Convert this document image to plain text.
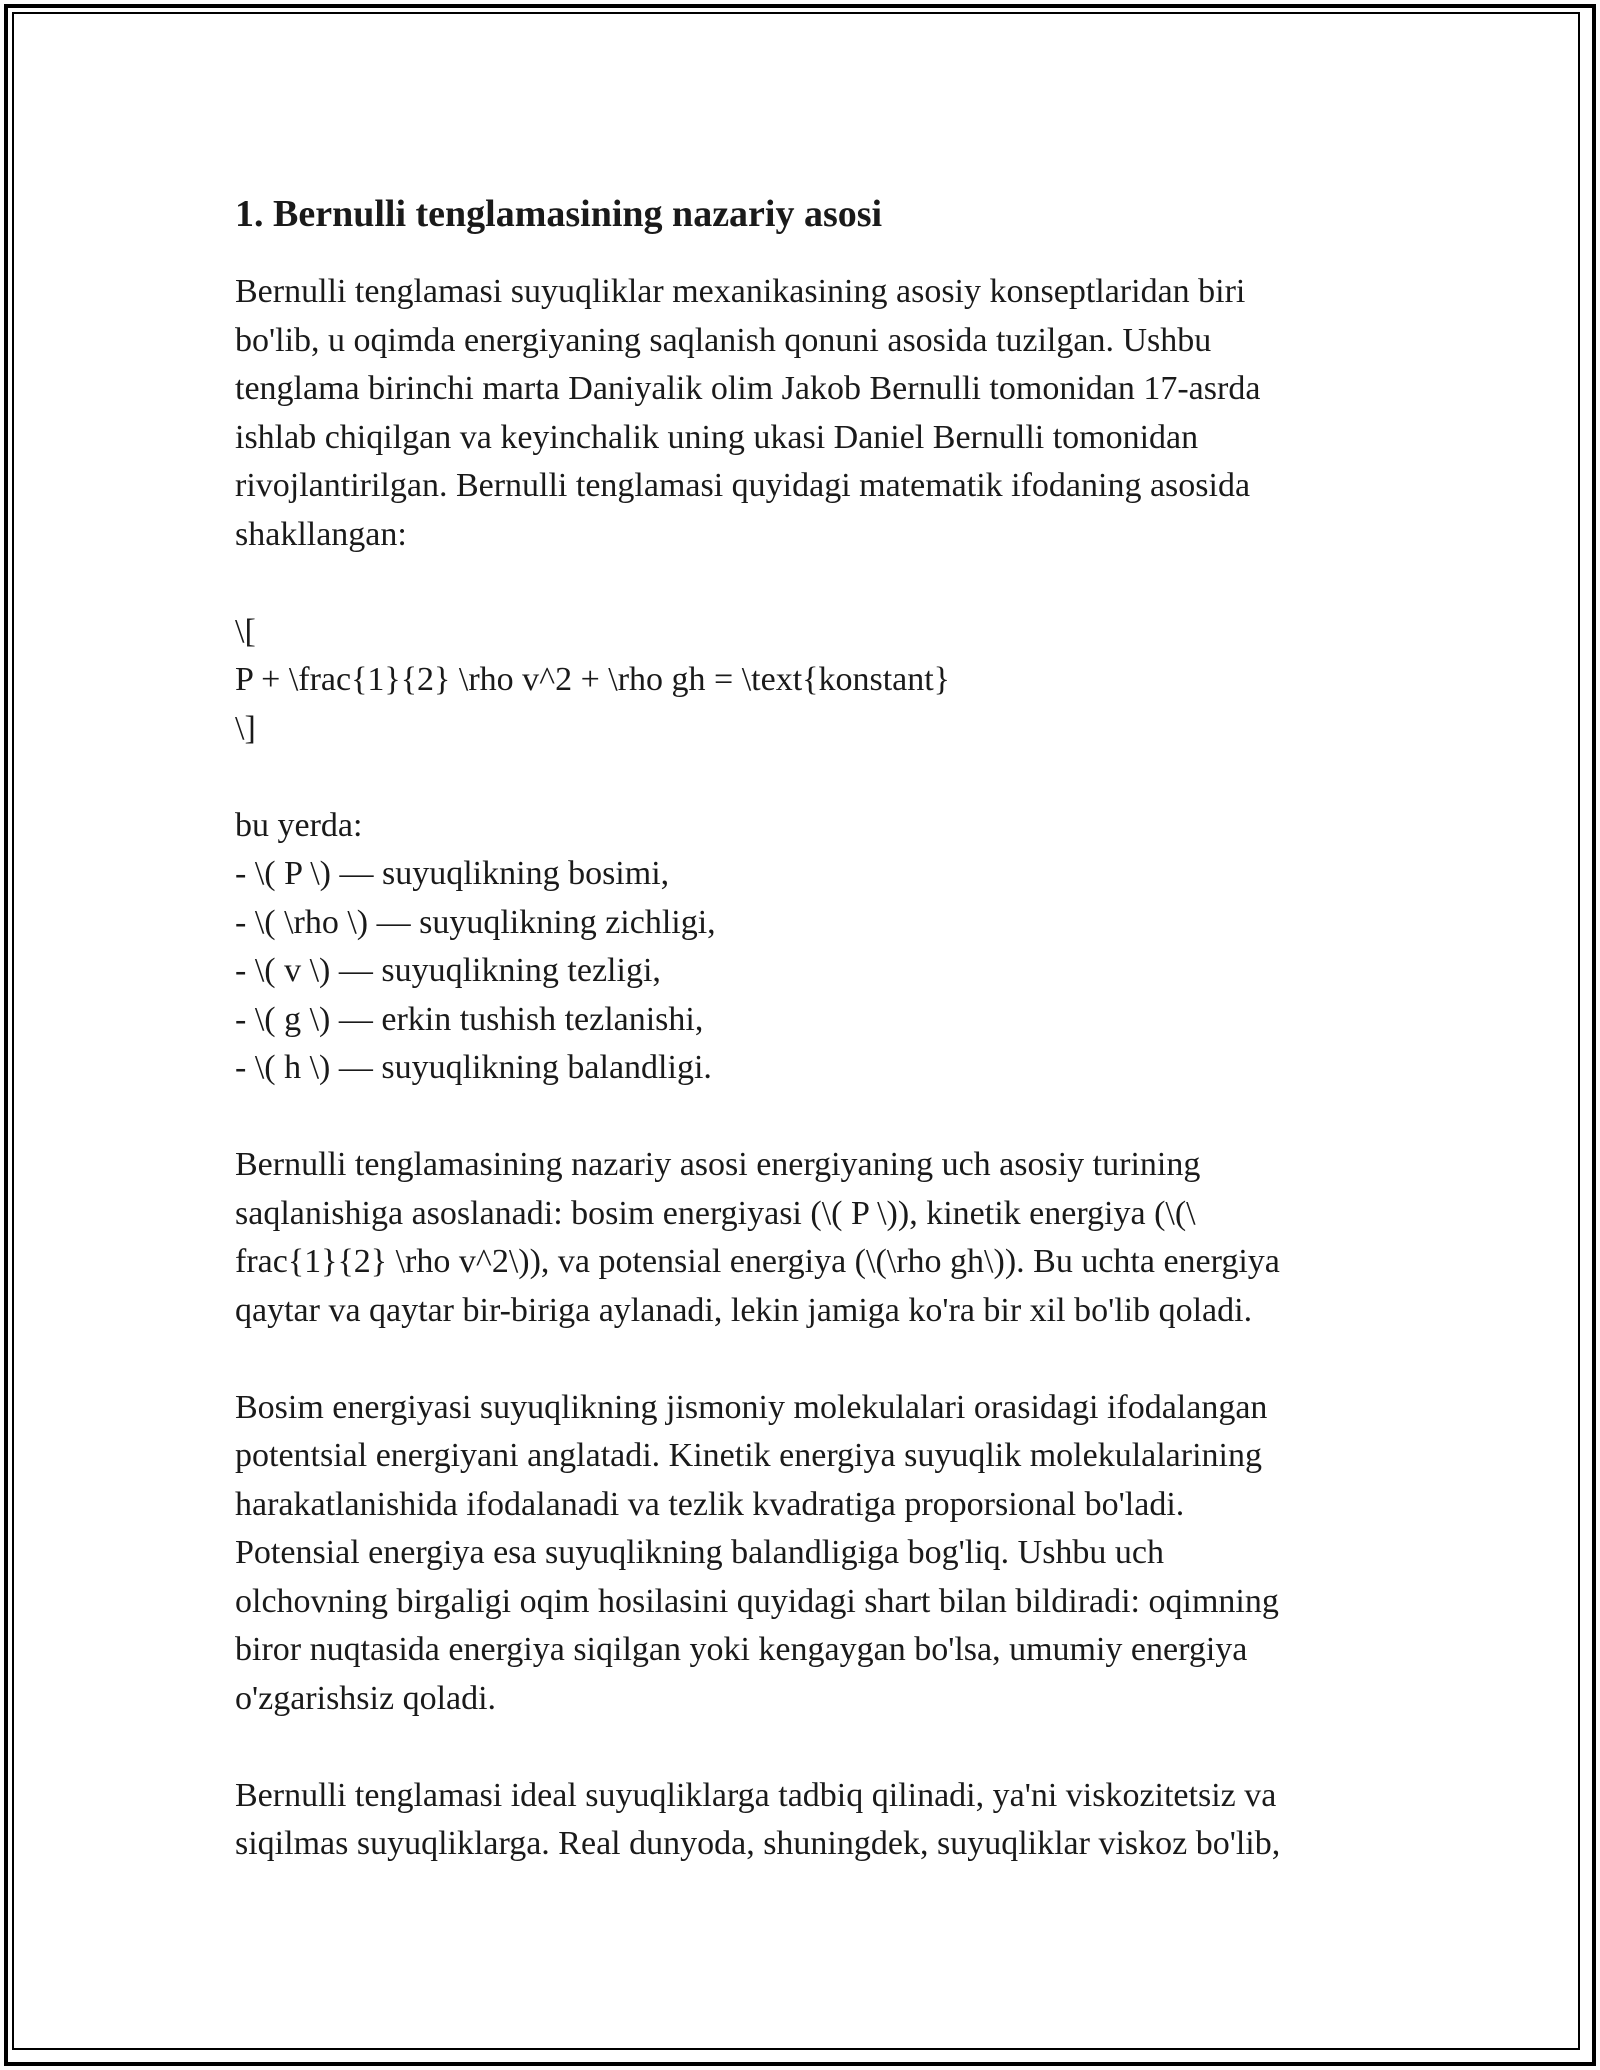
1. Bernulli tenglamasining nazariy asosi

Bernulli tenglamasi suyuqliklar mexanikasining asosiy konseptlaridan biri
bo'lib, u oqimda energiyaning saqlanish qonuni asosida tuzilgan. Ushbu
tenglama birinchi marta Daniyalik olim Jakob Bernulli tomonidan 17-asrda
ishlab chiqilgan va keyinchalik uning ukasi Daniel Bernulli tomonidan
rivojlantirilgan. Bernulli tenglamasi quyidagi matematik ifodaning asosida
shakllangan:

\[
P + \frac{1}{2} \rho v^2 + \rho gh = \text{konstant}
\]

bu yerda:
- \( P \) — suyuqlikning bosimi,
- \( \rho \) — suyuqlikning zichligi,
- \( v \) — suyuqlikning tezligi,
- \( g \) — erkin tushish tezlanishi,
- \( h \) — suyuqlikning balandligi.

Bernulli tenglamasining nazariy asosi energiyaning uch asosiy turining
saqlanishiga asoslanadi: bosim energiyasi (\( P \)), kinetik energiya (\(\
frac{1}{2} \rho v^2\)), va potensial energiya (\(\rho gh\)). Bu uchta energiya
qaytar va qaytar bir-biriga aylanadi, lekin jamiga ko'ra bir xil bo'lib qoladi.

Bosim energiyasi suyuqlikning jismoniy molekulalari orasidagi ifodalangan
potentsial energiyani anglatadi. Kinetik energiya suyuqlik molekulalarining
harakatlanishida ifodalanadi va tezlik kvadratiga proporsional bo'ladi.
Potensial energiya esa suyuqlikning balandligiga bog'liq. Ushbu uch
olchovning birgaligi oqim hosilasini quyidagi shart bilan bildiradi: oqimning
biror nuqtasida energiya siqilgan yoki kengaygan bo'lsa, umumiy energiya
o'zgarishsiz qoladi.

Bernulli tenglamasi ideal suyuqliklarga tadbiq qilinadi, ya'ni viskozitetsiz va
siqilmas suyuqliklarga. Real dunyoda, shuningdek, suyuqliklar viskoz bo'lib,
